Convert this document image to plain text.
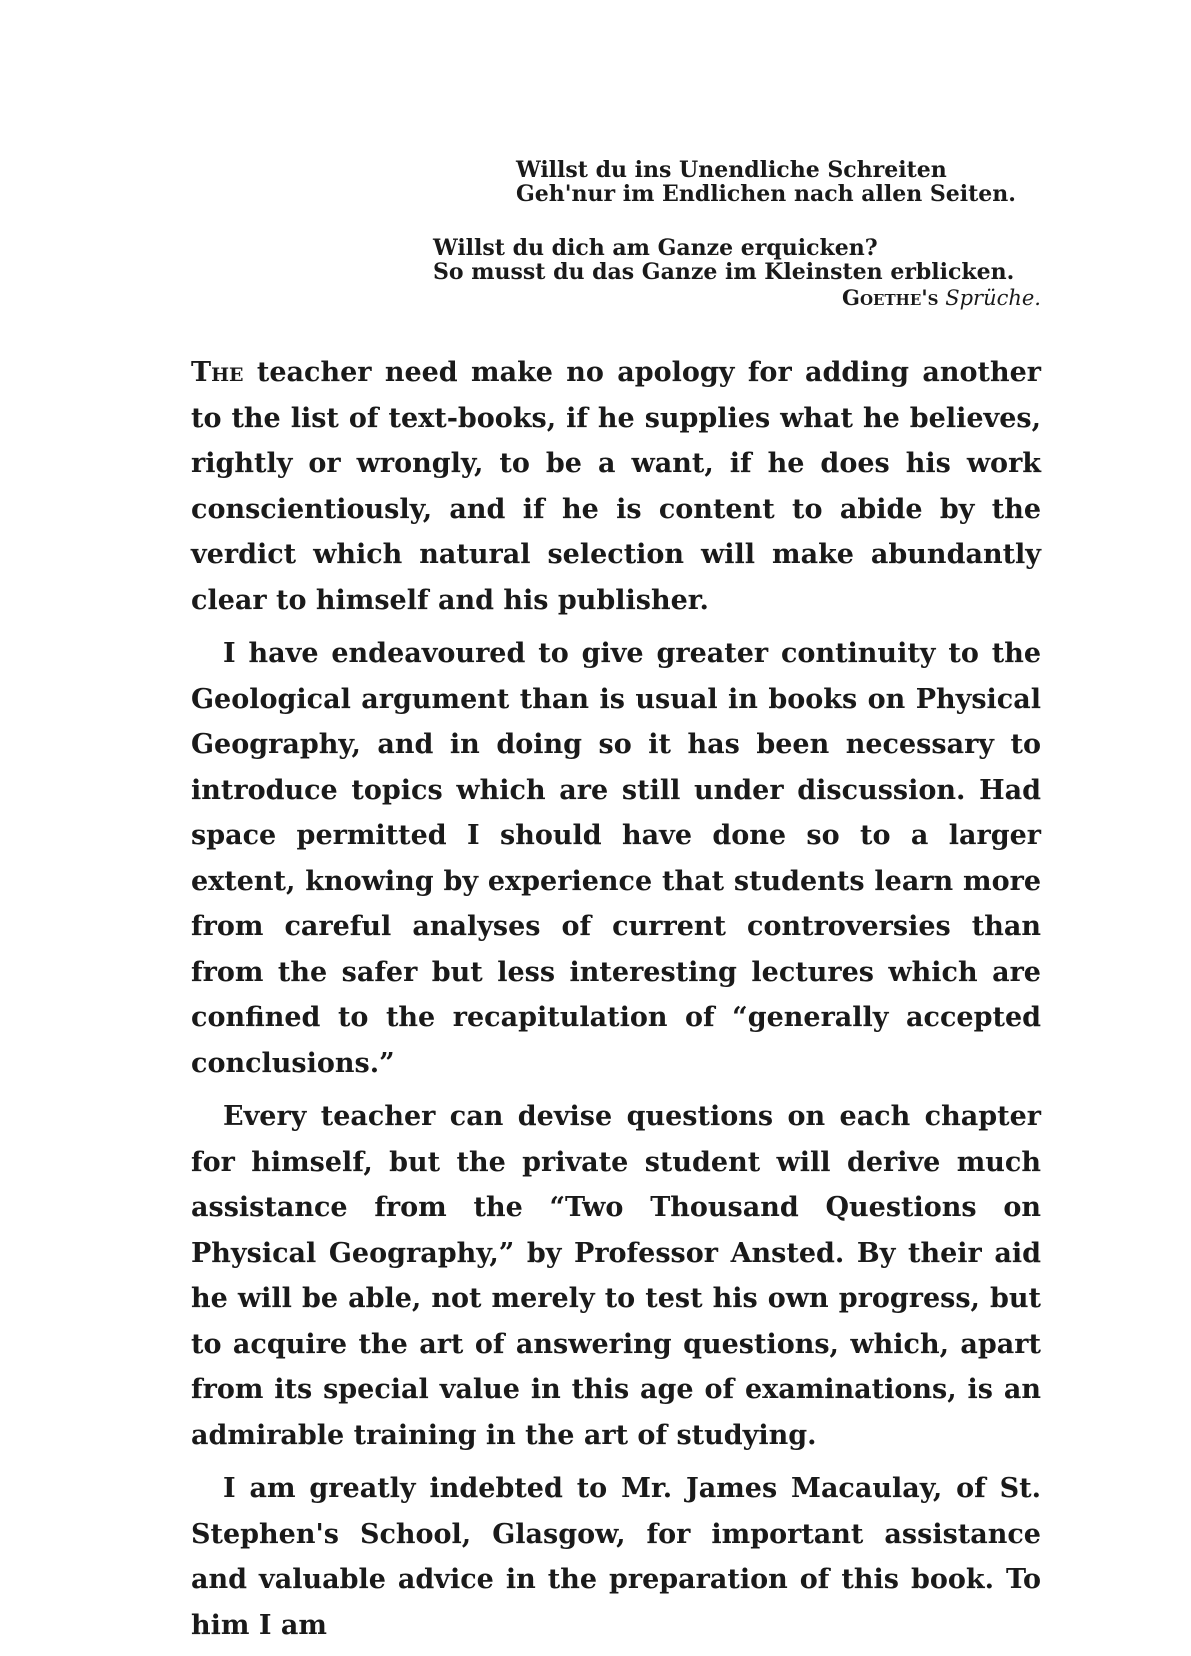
Willst du ins Unendliche Schreiten
Geh'nur im Endlichen nach allen Seiten.
Willst du dich am Ganze erquicken?
So musst du das Ganze im Kleinsten erblicken.
Goethe's Sprüche.

The teacher need make no apology for adding another to the list of text-books, if he supplies what he believes, rightly or wrongly, to be a want, if he does his work conscientiously, and if he is content to abide by the verdict which natural selection will make abundantly clear to himself and his publisher.

I have endeavoured to give greater continuity to the Geological argument than is usual in books on Physical Geography, and in doing so it has been necessary to introduce topics which are still under discussion. Had space permitted I should have done so to a larger extent, knowing by experience that students learn more from careful analyses of current controversies than from the safer but less interesting lectures which are confined to the recapitulation of “generally accepted conclusions.”

Every teacher can devise questions on each chapter for himself, but the private student will derive much assistance from the “Two Thousand Questions on Physical Geography,” by Professor Ansted. By their aid he will be able, not merely to test his own progress, but to acquire the art of answering questions, which, apart from its special value in this age of examinations, is an admirable training in the art of studying.

I am greatly indebted to Mr. James Macaulay, of St. Stephen's School, Glasgow, for important assistance and valuable advice in the preparation of this book. To him I am
